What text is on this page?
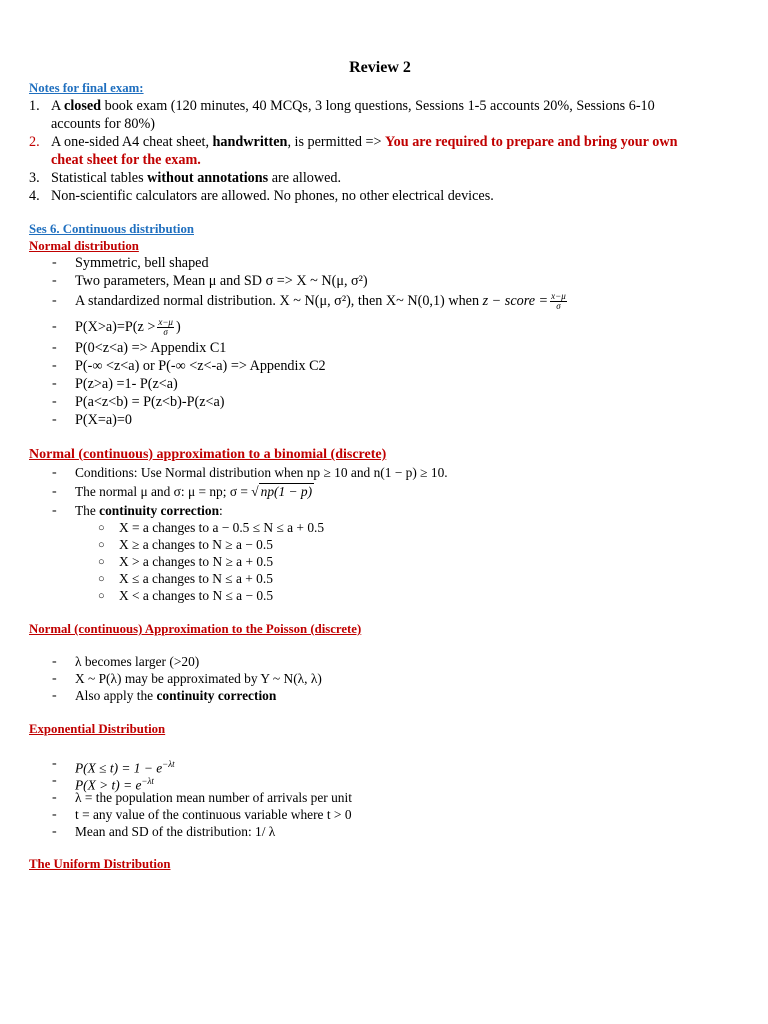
Review 2
Notes for final exam:
1. A closed book exam (120 minutes, 40 MCQs, 3 long questions, Sessions 1-5 accounts 20%, Sessions 6-10
accounts for 80%)
2. A one-sided A4 cheat sheet, handwritten, is permitted => You are required to prepare and bring your own
cheat sheet for the exam.
3. Statistical tables without annotations are allowed.
4. Non-scientific calculators are allowed. No phones, no other electrical devices.
Ses 6. Continuous distribution
Normal distribution
- Symmetric, bell shaped
- Two parameters, Mean μ and SD σ => X ~ N(μ, σ²)
- A standardized normal distribution. X ~ N(μ, σ²), then X~ N(0,1) when z − score = $\frac{x-\mu}{\sigma}$
- $P(X>a)=P(z > \frac{x-\mu}{\sigma}$ )
- P(0<z<a) => Appendix C1
- P(-∞ <z<a) or P(-∞ <z<-a) => Appendix C2
- P(z>a) =1- P(z<a)
- P(a<z<b) = P(z<b)-P(z<a)
- P(X=a)=0
Normal (continuous) approximation to a binomial (discrete)
- Conditions: Use Normal distribution when np ≥ 10 and n(1 − p) ≥ 10.
- The normal μ and σ: μ = np; σ = √ np(1 − p)
- The continuity correction:
○ X = a changes to a − 0.5 ≤ N ≤ a + 0.5
○ X ≥ a changes to N ≥ a − 0.5
○ X > a changes to N ≥ a + 0.5
○ X ≤ a changes to N ≤ a + 0.5
○ X < a changes to N ≤ a − 0.5
Normal (continuous) Approximation to the Poisson (discrete)
- λ becomes larger (>20)
- X ~ P(λ) may be approximated by Y ~ N(λ, λ)
- Also apply the continuity correction
Exponential Distribution
- $P(X \le t) = 1 - e^{-\lambda t}$
- $P(X > t) = e^{-\lambda t}$
- λ = the population mean number of arrivals per unit
- t = any value of the continuous variable where t > 0
- Mean and SD of the distribution: 1/ λ
The Uniform Distribution
